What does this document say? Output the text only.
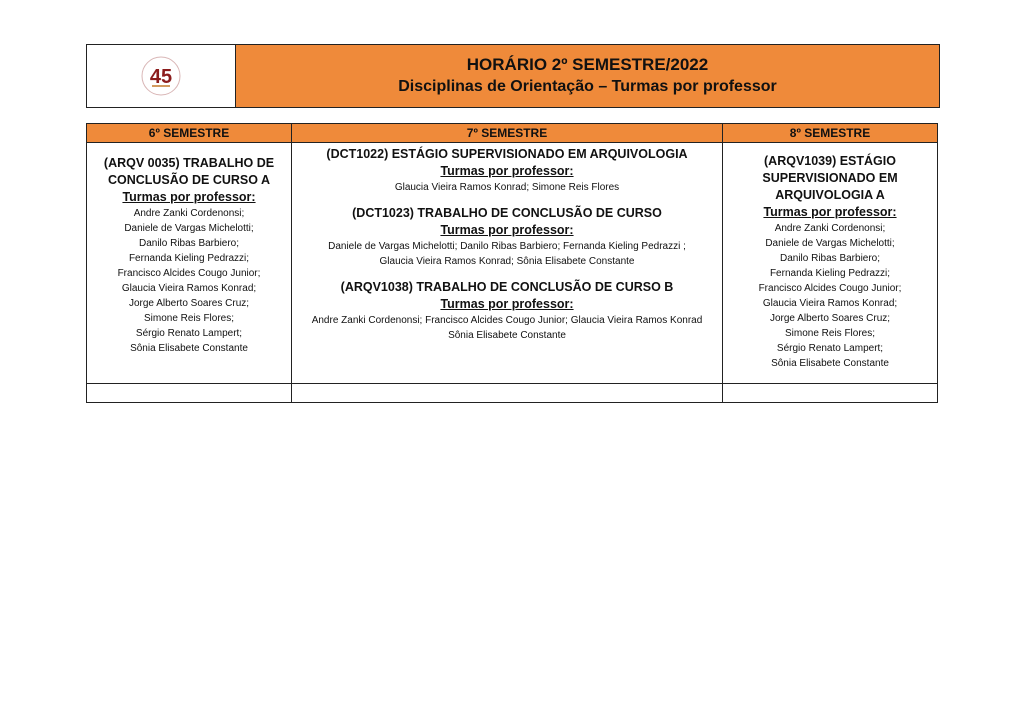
45
HORÁRIO 2º SEMESTRE/2022
Disciplinas de Orientação – Turmas por professor
6º SEMESTRE	7º SEMESTRE	8º SEMESTRE
(ARQV 0035) TRABALHO DE
CONCLUSÃO DE CURSO A
Turmas por professor:
Andre Zanki Cordenonsi;
Daniele de Vargas Michelotti;
Danilo Ribas Barbiero;
Fernanda Kieling Pedrazzi;
Francisco Alcides Cougo Junior;
Glaucia Vieira Ramos Konrad;
Jorge Alberto Soares Cruz;
Simone Reis Flores;
Sérgio Renato Lampert;
Sônia Elisabete Constante
(DCT1022) ESTÁGIO SUPERVISIONADO EM ARQUIVOLOGIA
Turmas por professor:
Glaucia Vieira Ramos Konrad; Simone Reis Flores
(DCT1023) TRABALHO DE CONCLUSÃO DE CURSO
Turmas por professor:
Daniele de Vargas Michelotti; Danilo Ribas Barbiero; Fernanda Kieling Pedrazzi ;
Glaucia Vieira Ramos Konrad; Sônia Elisabete Constante
(ARQV1038) TRABALHO DE CONCLUSÃO DE CURSO B
Turmas por professor:
Andre Zanki Cordenonsi; Francisco Alcides Cougo Junior; Glaucia Vieira Ramos Konrad
Sônia Elisabete Constante
(ARQV1039) ESTÁGIO
SUPERVISIONADO EM
ARQUIVOLOGIA A
Turmas por professor:
Andre Zanki Cordenonsi;
Daniele de Vargas Michelotti;
Danilo Ribas Barbiero;
Fernanda Kieling Pedrazzi;
Francisco Alcides Cougo Junior;
Glaucia Vieira Ramos Konrad;
Jorge Alberto Soares Cruz;
Simone Reis Flores;
Sérgio Renato Lampert;
Sônia Elisabete Constante
